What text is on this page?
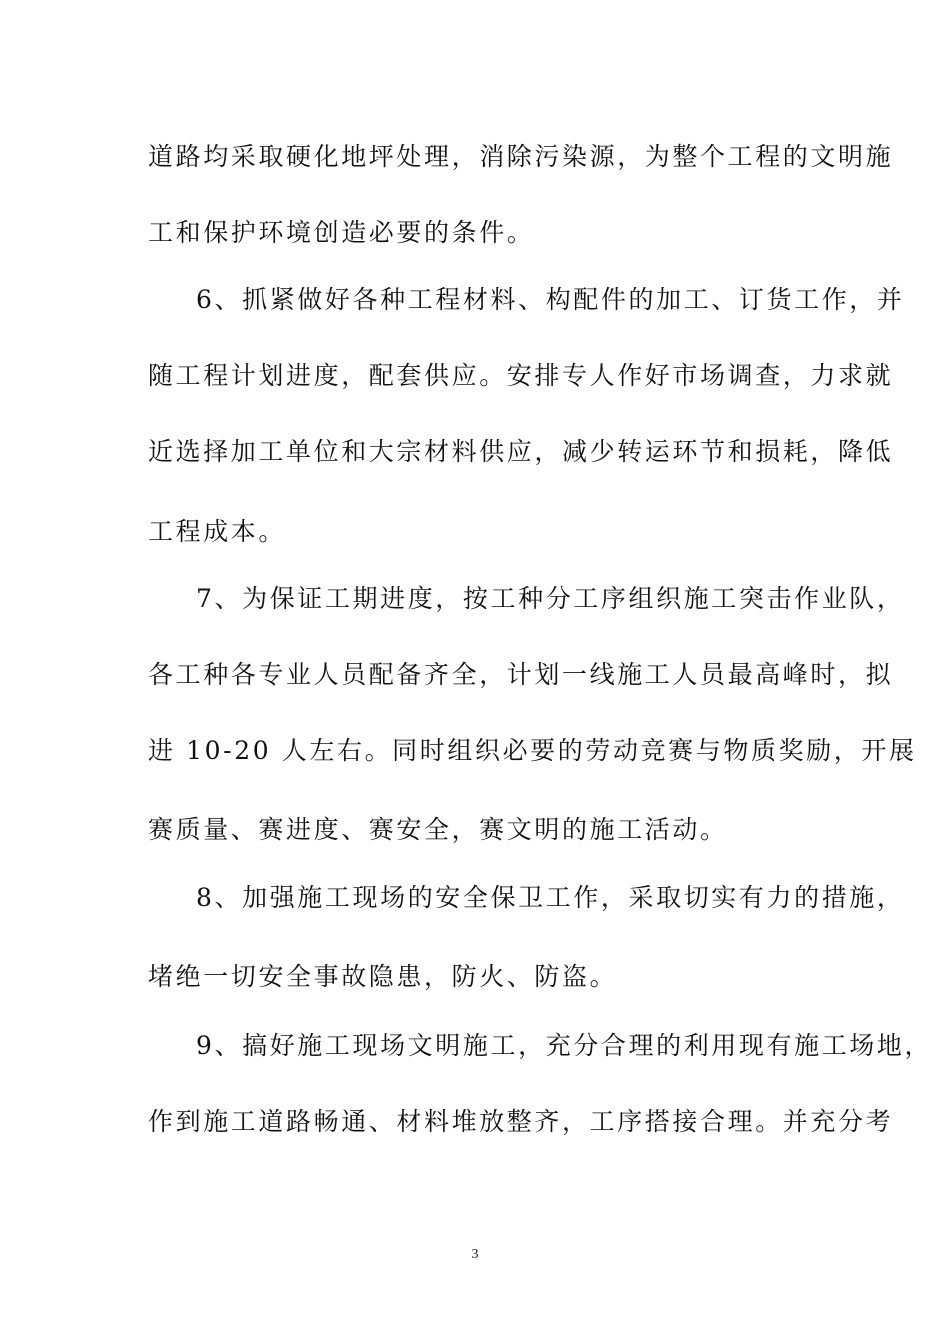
道路均采取硬化地坪处理，消除污染源，为整个工程的文明施
工和保护环境创造必要的条件。
6、抓紧做好各种工程材料、构配件的加工、订货工作，并
随工程计划进度，配套供应。安排专人作好市场调查，力求就
近选择加工单位和大宗材料供应，减少转运环节和损耗，降低
工程成本。
7、为保证工期进度，按工种分工序组织施工突击作业队，
各工种各专业人员配备齐全，计划一线施工人员最高峰时，拟
进 10-20 人左右。同时组织必要的劳动竞赛与物质奖励，开展
赛质量、赛进度、赛安全，赛文明的施工活动。
8、加强施工现场的安全保卫工作，采取切实有力的措施，
堵绝一切安全事故隐患，防火、防盗。
9、搞好施工现场文明施工，充分合理的利用现有施工场地，
作到施工道路畅通、材料堆放整齐，工序搭接合理。并充分考
3
